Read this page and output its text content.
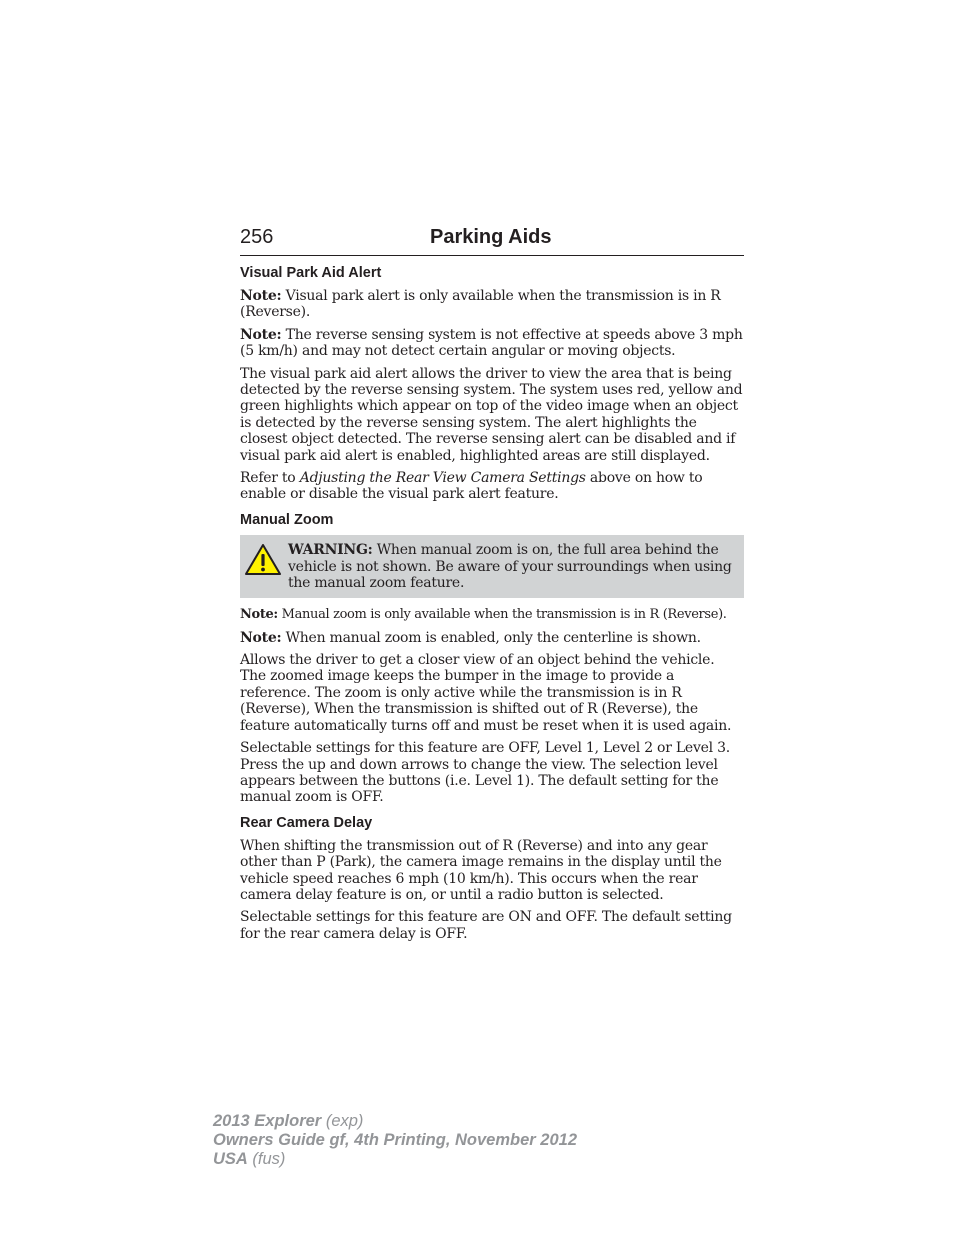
256	Parking Aids
Visual Park Aid Alert

Note: Visual park alert is only available when the transmission is in R (Reverse).

Note: The reverse sensing system is not effective at speeds above 3 mph (5 km/h) and may not detect certain angular or moving objects.

The visual park aid alert allows the driver to view the area that is being detected by the reverse sensing system. The system uses red, yellow and green highlights which appear on top of the video image when an object is detected by the reverse sensing system. The alert highlights the closest object detected. The reverse sensing alert can be disabled and if visual park aid alert is enabled, highlighted areas are still displayed.

Refer to Adjusting the Rear View Camera Settings above on how to enable or disable the visual park alert feature.

Manual Zoom
WARNING: When manual zoom is on, the full area behind the vehicle is not shown. Be aware of your surroundings when using the manual zoom feature.

Note: Manual zoom is only available when the transmission is in R (Reverse).

Note: When manual zoom is enabled, only the centerline is shown.

Allows the driver to get a closer view of an object behind the vehicle. The zoomed image keeps the bumper in the image to provide a reference. The zoom is only active while the transmission is in R (Reverse), When the transmission is shifted out of R (Reverse), the feature automatically turns off and must be reset when it is used again.

Selectable settings for this feature are OFF, Level 1, Level 2 or Level 3. Press the up and down arrows to change the view. The selection level appears between the buttons (i.e. Level 1). The default setting for the manual zoom is OFF.

Rear Camera Delay

When shifting the transmission out of R (Reverse) and into any gear other than P (Park), the camera image remains in the display until the vehicle speed reaches 6 mph (10 km/h). This occurs when the rear camera delay feature is on, or until a radio button is selected.

Selectable settings for this feature are ON and OFF. The default setting for the rear camera delay is OFF.

2013 Explorer (exp)
Owners Guide gf, 4th Printing, November 2012
USA (fus)
